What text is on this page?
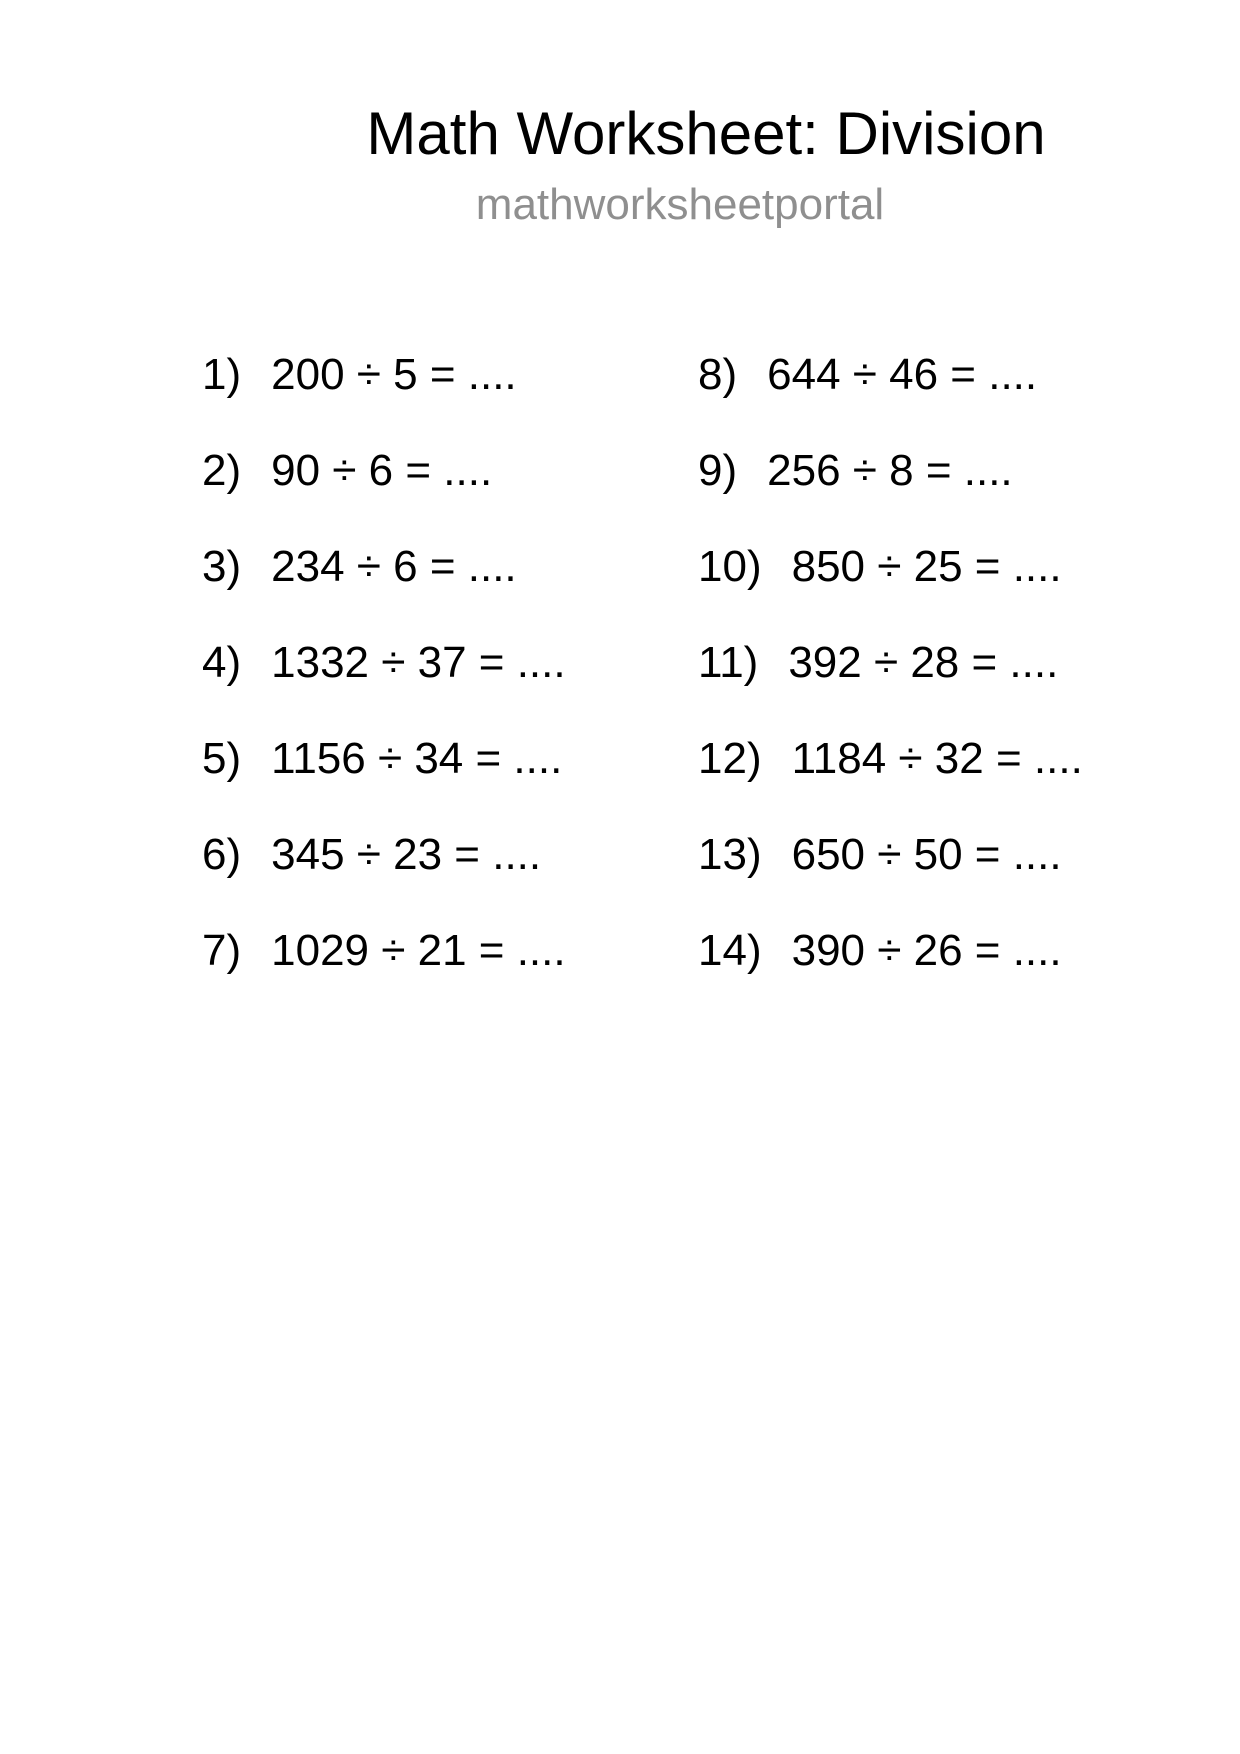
Math Worksheet: Division
mathworksheetportal
1) 200 ÷ 5 = ....
2) 90 ÷ 6 = ....
3) 234 ÷ 6 = ....
4) 1332 ÷ 37 = ....
5) 1156 ÷ 34 = ....
6) 345 ÷ 23 = ....
7) 1029 ÷ 21 = ....
8) 644 ÷ 46 = ....
9) 256 ÷ 8 = ....
10) 850 ÷ 25 = ....
11) 392 ÷ 28 = ....
12) 1184 ÷ 32 = ....
13) 650 ÷ 50 = ....
14) 390 ÷ 26 = ....
